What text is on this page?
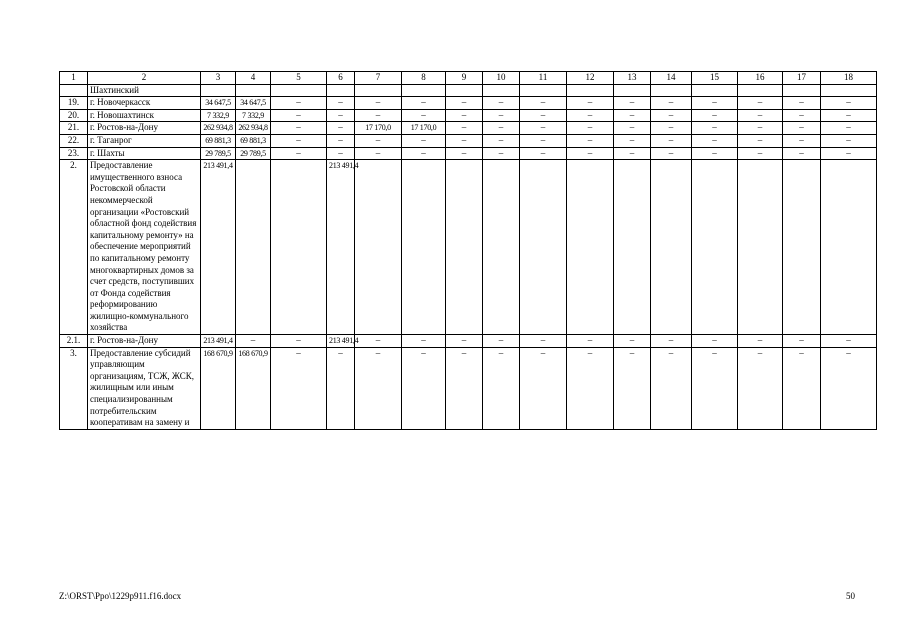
1	2	3	4	5	6	7	8	9	10	11	12	13	14	15	16	17	18
	Шахтинский																
19.	г. Новочеркасск	34 647,5	34 647,5	–	–	–	–	–	–	–	–	–	–	–	–	–	–
20.	г. Новошахтинск	7 332,9	7 332,9	–	–	–	–	–	–	–	–	–	–	–	–	–	–
21.	г. Ростов-на-Дону	262 934,8	262 934,8	–	–	17 170,0	17 170,0	–	–	–	–	–	–	–	–	–	–
22.	г. Таганрог	69 881,3	69 881,3	–	–	–	–	–	–	–	–	–	–	–	–	–	–
23.	г. Шахты	29 789,5	29 789,5	–	–	–	–	–	–	–	–	–	–	–	–	–	–
2.	Предоставление имущественного взноса Ростовской области некоммерческой организации «Ростовский областной фонд содействия капитальному ремонту» на обеспечение мероприятий по капитальному ремонту многоквартирных домов за счет средств, поступивших от Фонда содействия реформированию жилищно-коммунального хозяйства	213 491,4			213 491,4												
2.1.	г. Ростов-на-Дону	213 491,4	–	–	213 491,4	–	–	–	–	–	–	–	–	–	–	–	–
3.	Предоставление субсидий управляющим организациям, ТСЖ, ЖСК, жилищным или иным специализированным потребительским кооперативам на замену и	168 670,9	168 670,9	–	–	–	–	–	–	–	–	–	–	–	–	–	–
Z:\ORST\Ppo\1229p911.f16.docx	50
